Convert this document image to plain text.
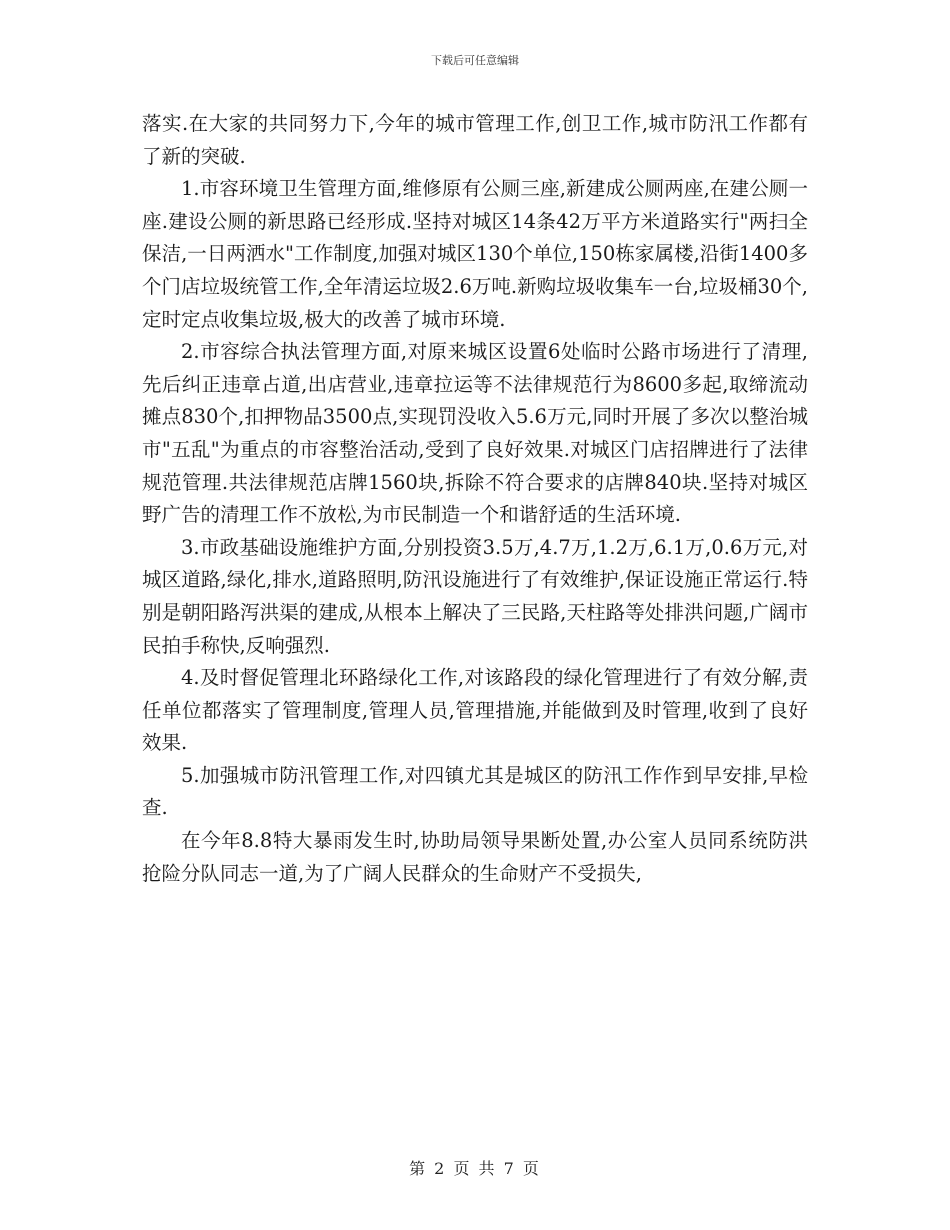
下载后可任意编辑

落实.在大家的共同努力下,今年的城市管理工作,创卫工作,城市防汛工作都有了新的突破.

1.市容环境卫生管理方面,维修原有公厕三座,新建成公厕两座,在建公厕一座.建设公厕的新思路已经形成.坚持对城区14条42万平方米道路实行"两扫全保洁,一日两洒水"工作制度,加强对城区130个单位,150栋家属楼,沿街1400多个门店垃圾统管工作,全年清运垃圾2.6万吨.新购垃圾收集车一台,垃圾桶30个,定时定点收集垃圾,极大的改善了城市环境.

2.市容综合执法管理方面,对原来城区设置6处临时公路市场进行了清理,先后纠正违章占道,出店营业,违章拉运等不法律规范行为8600多起,取缔流动摊点830个,扣押物品3500点,实现罚没收入5.6万元,同时开展了多次以整治城市"五乱"为重点的市容整治活动,受到了良好效果.对城区门店招牌进行了法律规范管理.共法律规范店牌1560块,拆除不符合要求的店牌840块.坚持对城区野广告的清理工作不放松,为市民制造一个和谐舒适的生活环境.

3.市政基础设施维护方面,分别投资3.5万,4.7万,1.2万,6.1万,0.6万元,对城区道路,绿化,排水,道路照明,防汛设施进行了有效维护,保证设施正常运行.特别是朝阳路泻洪渠的建成,从根本上解决了三民路,天柱路等处排洪问题,广阔市民拍手称快,反响强烈.

4.及时督促管理北环路绿化工作,对该路段的绿化管理进行了有效分解,责任单位都落实了管理制度,管理人员,管理措施,并能做到及时管理,收到了良好效果.

5.加强城市防汛管理工作,对四镇尤其是城区的防汛工作作到早安排,早检查.

在今年8.8特大暴雨发生时,协助局领导果断处置,办公室人员同系统防洪抢险分队同志一道,为了广阔人民群众的生命财产不受损失,

第 2 页 共 7 页
